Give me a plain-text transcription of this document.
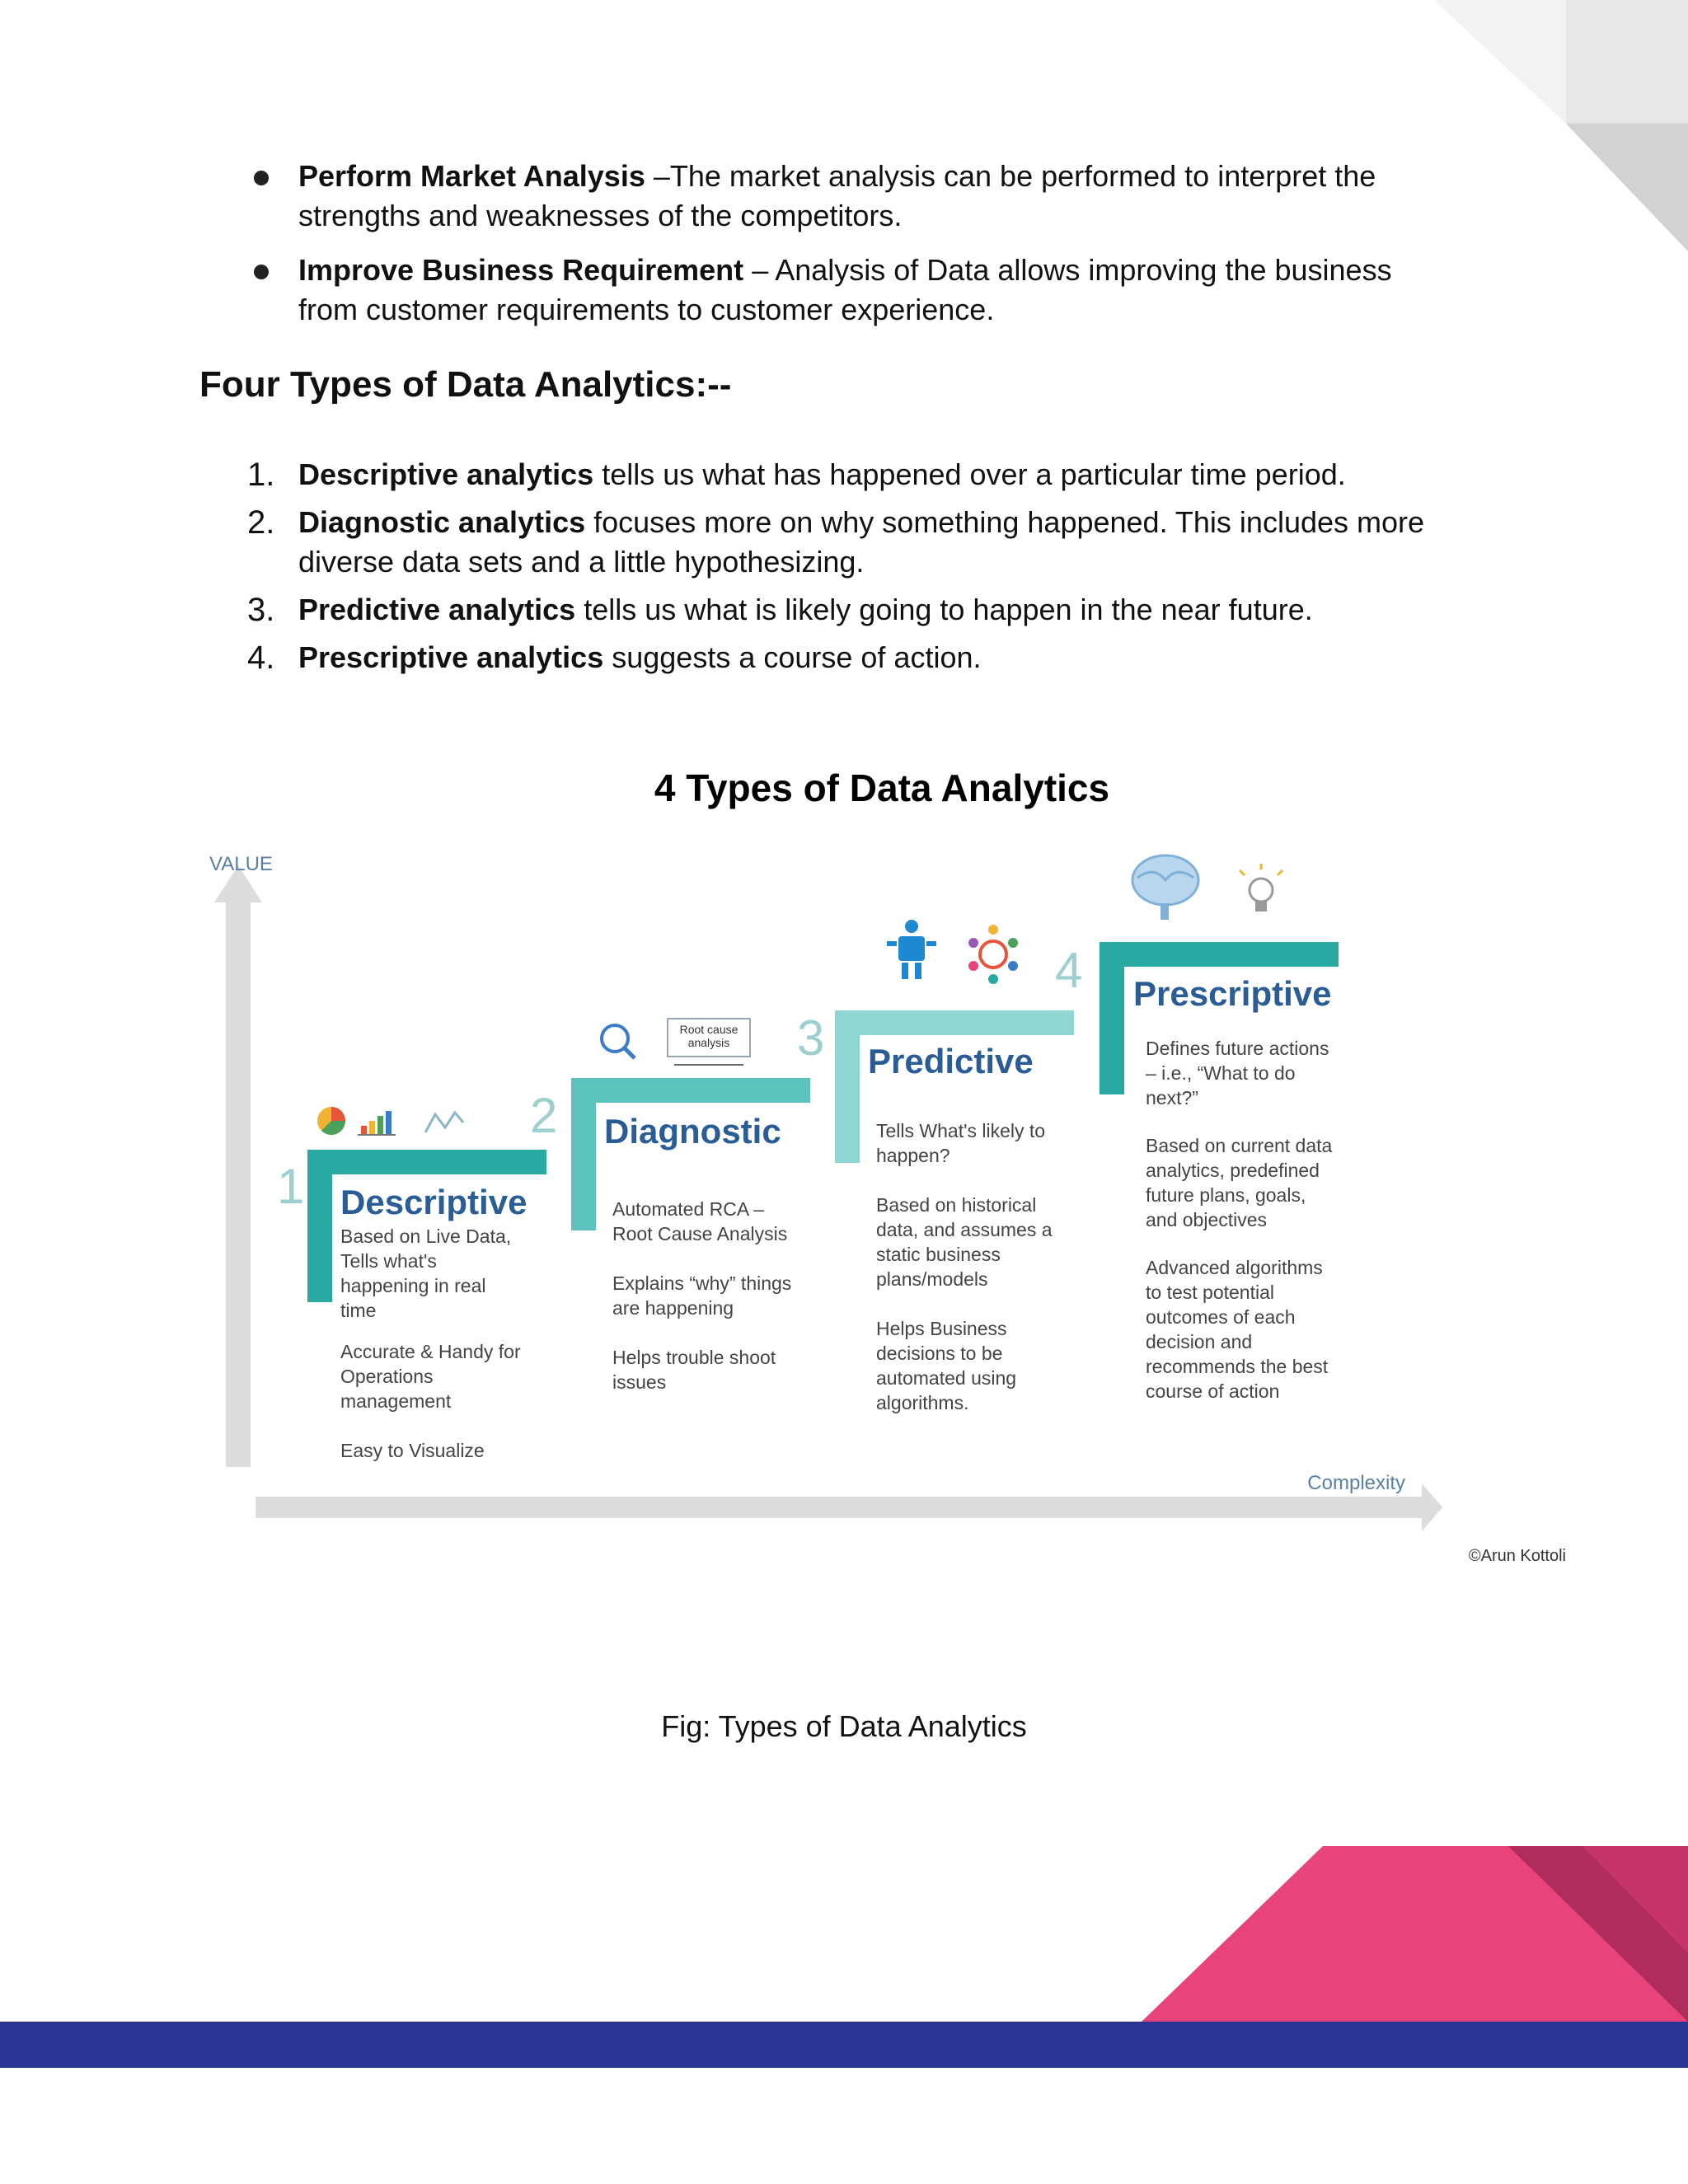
Perform Market Analysis –The market analysis can be performed to interpret the strengths and weaknesses of the competitors.
Improve Business Requirement – Analysis of Data allows improving the business from customer requirements to customer experience.
Four Types of Data Analytics:--
1. Descriptive analytics tells us what has happened over a particular time period.
2. Diagnostic analytics focuses more on why something happened. This includes more diverse data sets and a little hypothesizing.
3. Predictive analytics tells us what is likely going to happen in the near future.
4. Prescriptive analytics suggests a course of action.
4 Types of Data Analytics
VALUE
Complexity
©Arun Kottoli
1 Descriptive
Based on Live Data, Tells what's happening in real time Accurate & Handy for Operations management Easy to Visualize
2 Diagnostic
Automated RCA – Root Cause Analysis Explains “why” things are happening Helps trouble shoot issues
Root cause
analysis 3 Predictive
Tells What's likely to happen? Based on historical data, and assumes a static business plans/models Helps Business decisions to be automated using algorithms.
4 Prescriptive
Defines future actions – i.e., “What to do next?” Based on current data analytics, predefined future plans, goals, and objectives Advanced algorithms to test potential outcomes of each decision and recommends the best course of action
Fig: Types of Data Analytics
